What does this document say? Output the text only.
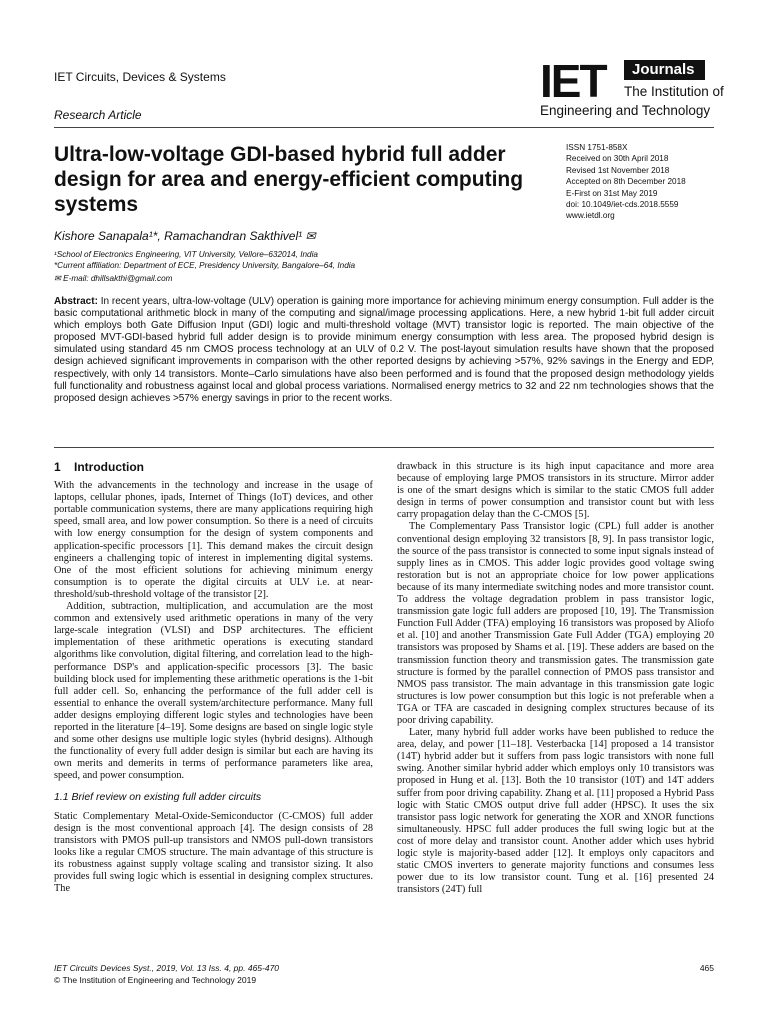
IET Circuits, Devices & Systems
Research Article
IET	Journals
The Institution of
Engineering and Technology
Ultra-low-voltage GDI-based hybrid full adder design for area and energy-efficient computing systems
ISSN 1751-858X
Received on 30th April 2018
Revised 1st November 2018
Accepted on 8th December 2018
E-First on 31st May 2019
doi: 10.1049/iet-cds.2018.5559
www.ietdl.org
Kishore Sanapala¹*, Ramachandran Sakthivel¹ ✉
¹School of Electronics Engineering, VIT University, Vellore–632014, India
*Current affiliation: Department of ECE, Presidency University, Bangalore–64, India
✉ E-mail: dhillsakthi@gmail.com
Abstract: In recent years, ultra-low-voltage (ULV) operation is gaining more importance for achieving minimum energy consumption. Full adder is the basic computational arithmetic block in many of the computing and signal/image processing applications. Here, a new hybrid 1-bit full adder circuit which employs both Gate Diffusion Input (GDI) logic and multi-threshold voltage (MVT) transistor logic is reported. The main objective of the proposed MVT-GDI-based hybrid full adder design is to provide minimum energy consumption with less area. The proposed hybrid design is simulated using standard 45 nm CMOS process technology at an ULV of 0.2 V. The post-layout simulation results have shown that the proposed design achieved significant improvements in comparison with the other reported designs by achieving >57%, 92% savings in the Energy and EDP, respectively, with only 14 transistors. Monte–Carlo simulations have also been performed and is found that the proposed design methodology yields full functionality and robustness against local and global process variations. Normalised energy metrics to 32 and 22 nm technologies shows that the proposed design achieves >57% energy savings in prior to the recent works.
1 Introduction

With the advancements in the technology and increase in the usage of laptops, cellular phones, ipads, Internet of Things (IoT) devices, and other portable communication systems, there are many applications requiring high speed, small area, and low power consumption. So there is a need of circuits with low energy consumption for the design of system components and application-specific processors [1]. This demand makes the circuit design engineers a challenging topic of interest in implementing digital systems. One of the most efficient solutions for achieving minimum energy consumption is to operate the digital circuits at ULV i.e. at near-threshold/sub-threshold voltage of the transistor [2].

Addition, subtraction, multiplication, and accumulation are the most common and extensively used arithmetic operations in many of the very large-scale integration (VLSI) and DSP architectures. The efficient implementation of these arithmetic operations is executing standard algorithms like convolution, digital filtering, and correlation lead to the high-performance DSP's and application-specific processors [3]. The basic building block used for implementing these arithmetic operations is the 1-bit full adder cell. So, enhancing the performance of the full adder cell is essential to enhance the overall system/architecture performance. Many full adder designs employing different logic styles and technologies have been reported in the literature [4–19]. Some designs are based on single logic style and some other designs use multiple logic styles (hybrid designs). Although the functionality of every full adder design is similar but each are having its own merits and demerits in terms of performance parameters like area, speed, and power consumption.

1.1 Brief review on existing full adder circuits

Static Complementary Metal-Oxide-Semiconductor (C-CMOS) full adder design is the most conventional approach [4]. The design consists of 28 transistors with PMOS pull-up transistors and NMOS pull-down transistors looks like a regular CMOS structure. The main advantage of this structure is its robustness against supply voltage scaling and transistor sizing. It also provides full swing logic which is essential in designing complex structures. The

drawback in this structure is its high input capacitance and more area because of employing large PMOS transistors in its structure. Mirror adder is one of the smart designs which is similar to the static CMOS full adder design in terms of power consumption and transistor count but with less carry propagation delay than the C-CMOS [5].

The Complementary Pass Transistor logic (CPL) full adder is another conventional design employing 32 transistors [8, 9]. In pass transistor logic, the source of the pass transistor is connected to some input signals instead of supply lines as in CMOS. This adder logic provides good voltage swing restoration but is not an appropriate choice for low power applications because of its many intermediate switching nodes and more transistor count. To address the voltage degradation problem in pass transistor logic, transmission gate logic full adders are proposed [10, 19]. The Transmission Function Full Adder (TFA) employing 16 transistors was proposed by Aliofo et al. [10] and another Transmission Gate Full Adder (TGA) employing 20 transistors was proposed by Shams et al. [19]. These adders are based on the transmission function theory and transmission gates. The transmission gate structure is formed by the parallel connection of PMOS pass transistor and NMOS pass transistor. The main advantage in this transmission gate logic structures is low power consumption but this logic is not preferable when a TGA or TFA are cascaded in designing complex structures because of its poor driving capability.

Later, many hybrid full adder works have been published to reduce the area, delay, and power [11–18]. Vesterbacka [14] proposed a 14 transistor (14T) hybrid adder but it suffers from pass logic transistors with none full swing. Another similar hybrid adder which employs only 10 transistors was proposed in Hung et al. [13]. Both the 10 transistor (10T) and 14T adders suffer from poor driving capability. Zhang et al. [11] proposed a Hybrid Pass logic with Static CMOS output drive full adder (HPSC). It uses the six transistor pass logic network for generating the XOR and XNOR functions simultaneously. HPSC full adder produces the full swing logic but at the cost of more delay and transistor count. Another adder which uses hybrid logic style is majority-based adder [12]. It employs only capacitors and static CMOS inverters to generate majority functions and consumes less power due to its low transistor count. Tung et al. [16] presented 24 transistors (24T) full

IET Circuits Devices Syst., 2019, Vol. 13 Iss. 4, pp. 465-470
© The Institution of Engineering and Technology 2019
465
